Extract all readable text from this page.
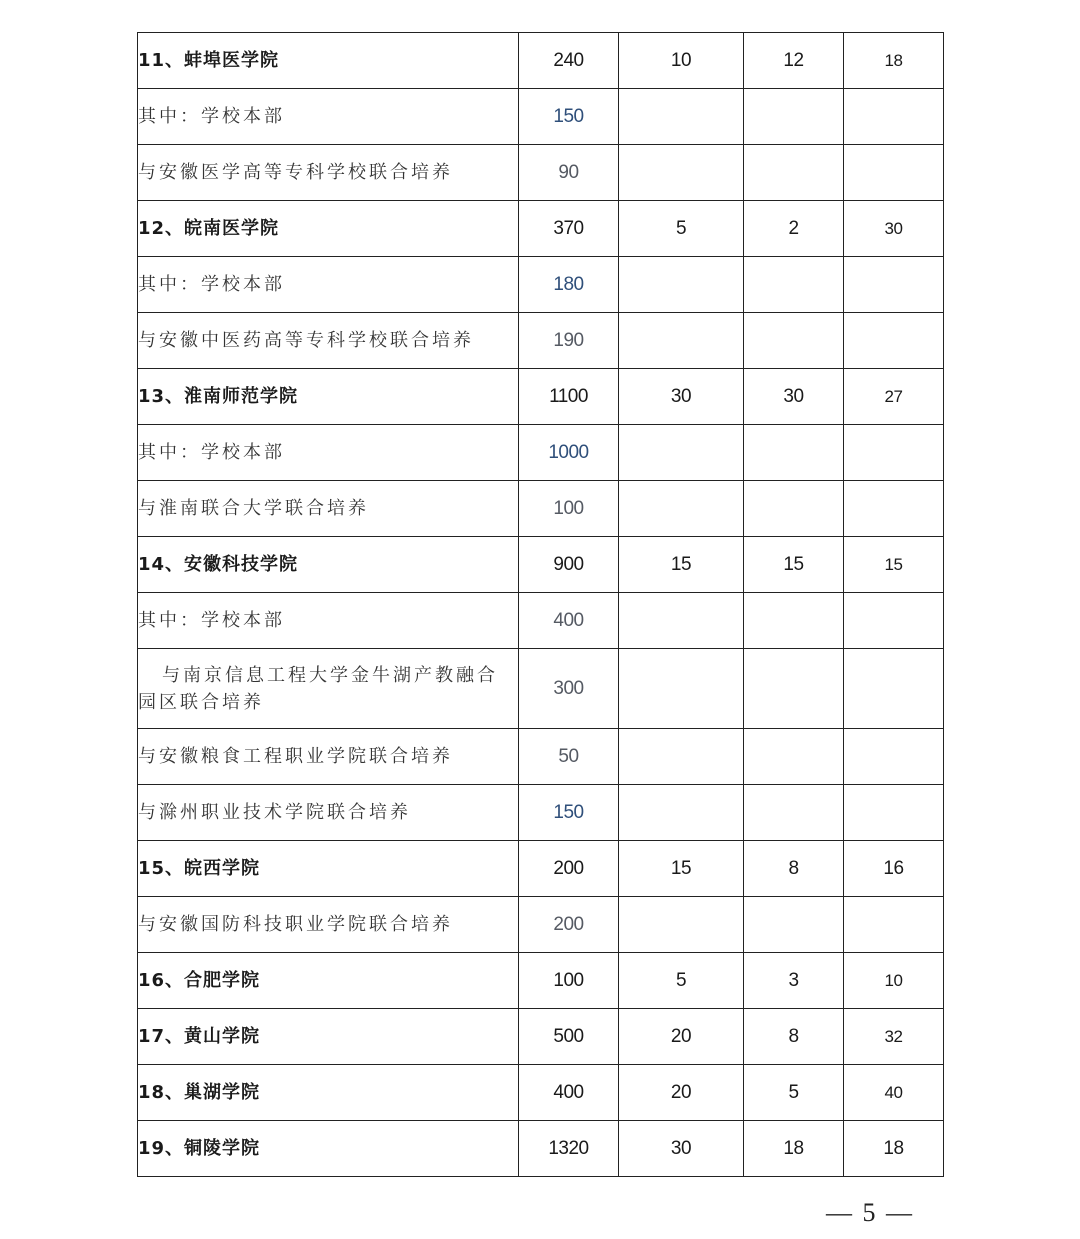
11、蚌埠医学院	240	10	12	18
其中：学校本部	150			
与安徽医学高等专科学校联合培养	90			
12、皖南医学院	370	5	2	30
其中：学校本部	180			
与安徽中医药高等专科学校联合培养	190			
13、淮南师范学院	1100	30	30	27
其中：学校本部	1000			
与淮南联合大学联合培养	100			
14、安徽科技学院	900	15	15	15
其中：学校本部	400			
与南京信息工程大学金牛湖产教融合园区联合培养	300			
与安徽粮食工程职业学院联合培养	50			
与滁州职业技术学院联合培养	150			
15、皖西学院	200	15	8	16
与安徽国防科技职业学院联合培养	200			
16、合肥学院	100	5	3	10
17、黄山学院	500	20	8	32
18、巢湖学院	400	20	5	40
19、铜陵学院	1320	30	18	18
— 5 —
